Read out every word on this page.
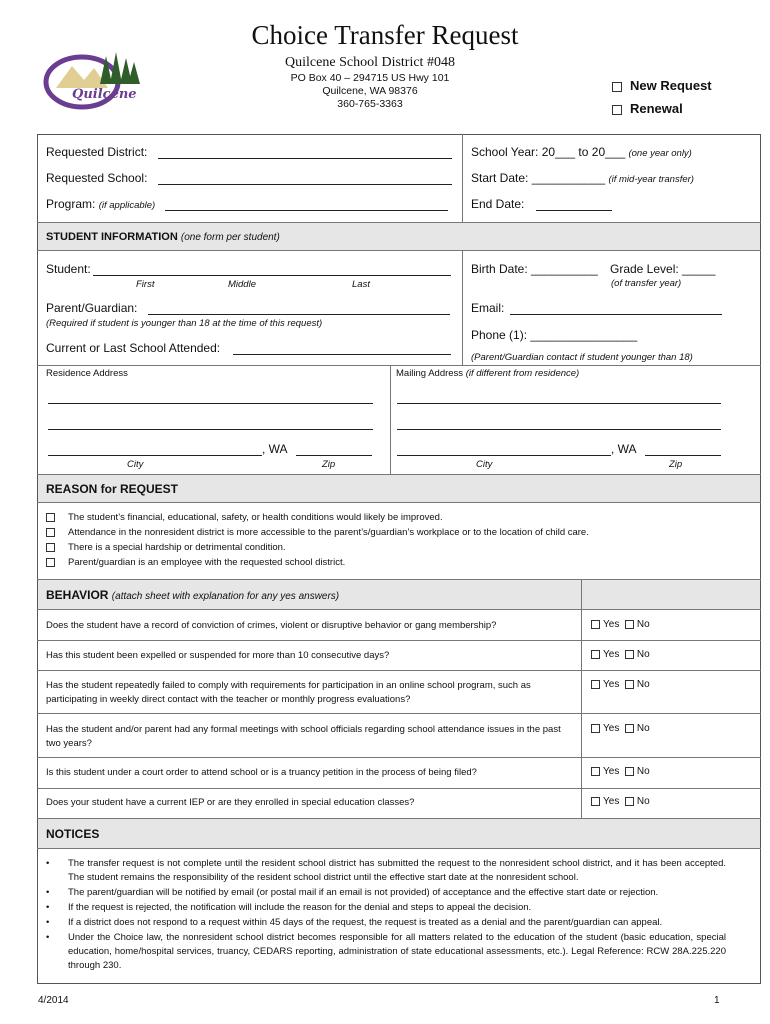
Choice Transfer Request
Quilcene School District #048
PO Box 40 – 294715 US Hwy 101
Quilcene, WA 98376
360-765-3363
Quilcene
New Request
Renewal
Requested District:
Requested School:
Program: (if applicable)
School Year: 20___ to 20___ (one year only)
Start Date: ___________ (if mid-year transfer)
End Date:
STUDENT INFORMATION (one form per student)
Student:
First	Middle	Last
Birth Date: __________ Grade Level: _____
(of transfer year)
Parent/Guardian:
(Required if student is younger than 18 at the time of this request)
Email:
Phone (1): ________________
Current or Last School Attended:
(Parent/Guardian contact if student younger than 18)
Residence Address	Mailing Address (if different from residence)
, WA
City	Zip
, WA
City	Zip
REASON for REQUEST
The student’s financial, educational, safety, or health conditions would likely be improved.
Attendance in the nonresident district is more accessible to the parent’s/guardian’s workplace or to the location of child care.
There is a special hardship or detrimental condition.
Parent/guardian is an employee with the requested school district.
BEHAVIOR (attach sheet with explanation for any yes answers)
Does the student have a record of conviction of crimes, violent or disruptive behavior or gang membership?	Yes No
Has this student been expelled or suspended for more than 10 consecutive days?	Yes No
Has the student repeatedly failed to comply with requirements for participation in an online school program, such as participating in weekly direct contact with the teacher or monthly progress evaluations?
Yes No
Has the student and/or parent had any formal meetings with school officials regarding school attendance issues in the past two years?
Yes No
Is this student under a court order to attend school or is a truancy petition in the process of being filed?	Yes No
Does your student have a current IEP or are they enrolled in special education classes?	Yes No
NOTICES
• The transfer request is not complete until the resident school district has submitted the request to the nonresident school district, and it has been accepted. The student remains the responsibility of the resident school district until the effective start date at the nonresident school.
• The parent/guardian will be notified by email (or postal mail if an email is not provided) of acceptance and the effective start date or rejection.
• If the request is rejected, the notification will include the reason for the denial and steps to appeal the decision.
• If a district does not respond to a request within 45 days of the request, the request is treated as a denial and the parent/guardian can appeal.
• Under the Choice law, the nonresident school district becomes responsible for all matters related to the education of the student (basic education, special education, home/hospital services, truancy, CEDARS reporting, administration of state educational assessments, etc.). Legal Reference: RCW 28A.225.220 through 230.
4/2014	1
